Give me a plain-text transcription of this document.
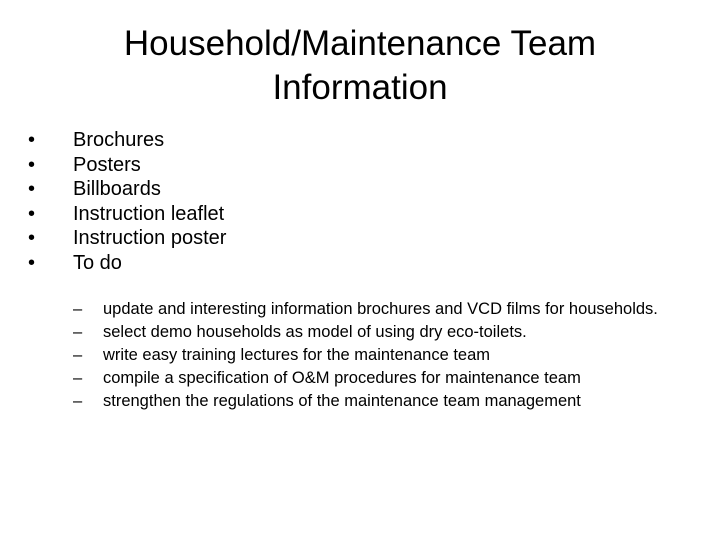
Household/Maintenance Team
Information
•	Brochures
•	Posters
•	Billboards
•	Instruction leaflet
•	Instruction poster
•	To do
– update and interesting information brochures and VCD films for households.
– select demo households as model of using dry eco-toilets.
– write easy training lectures for the maintenance team
– compile a specification of O&M procedures for maintenance team
– strengthen the regulations of the maintenance team management
